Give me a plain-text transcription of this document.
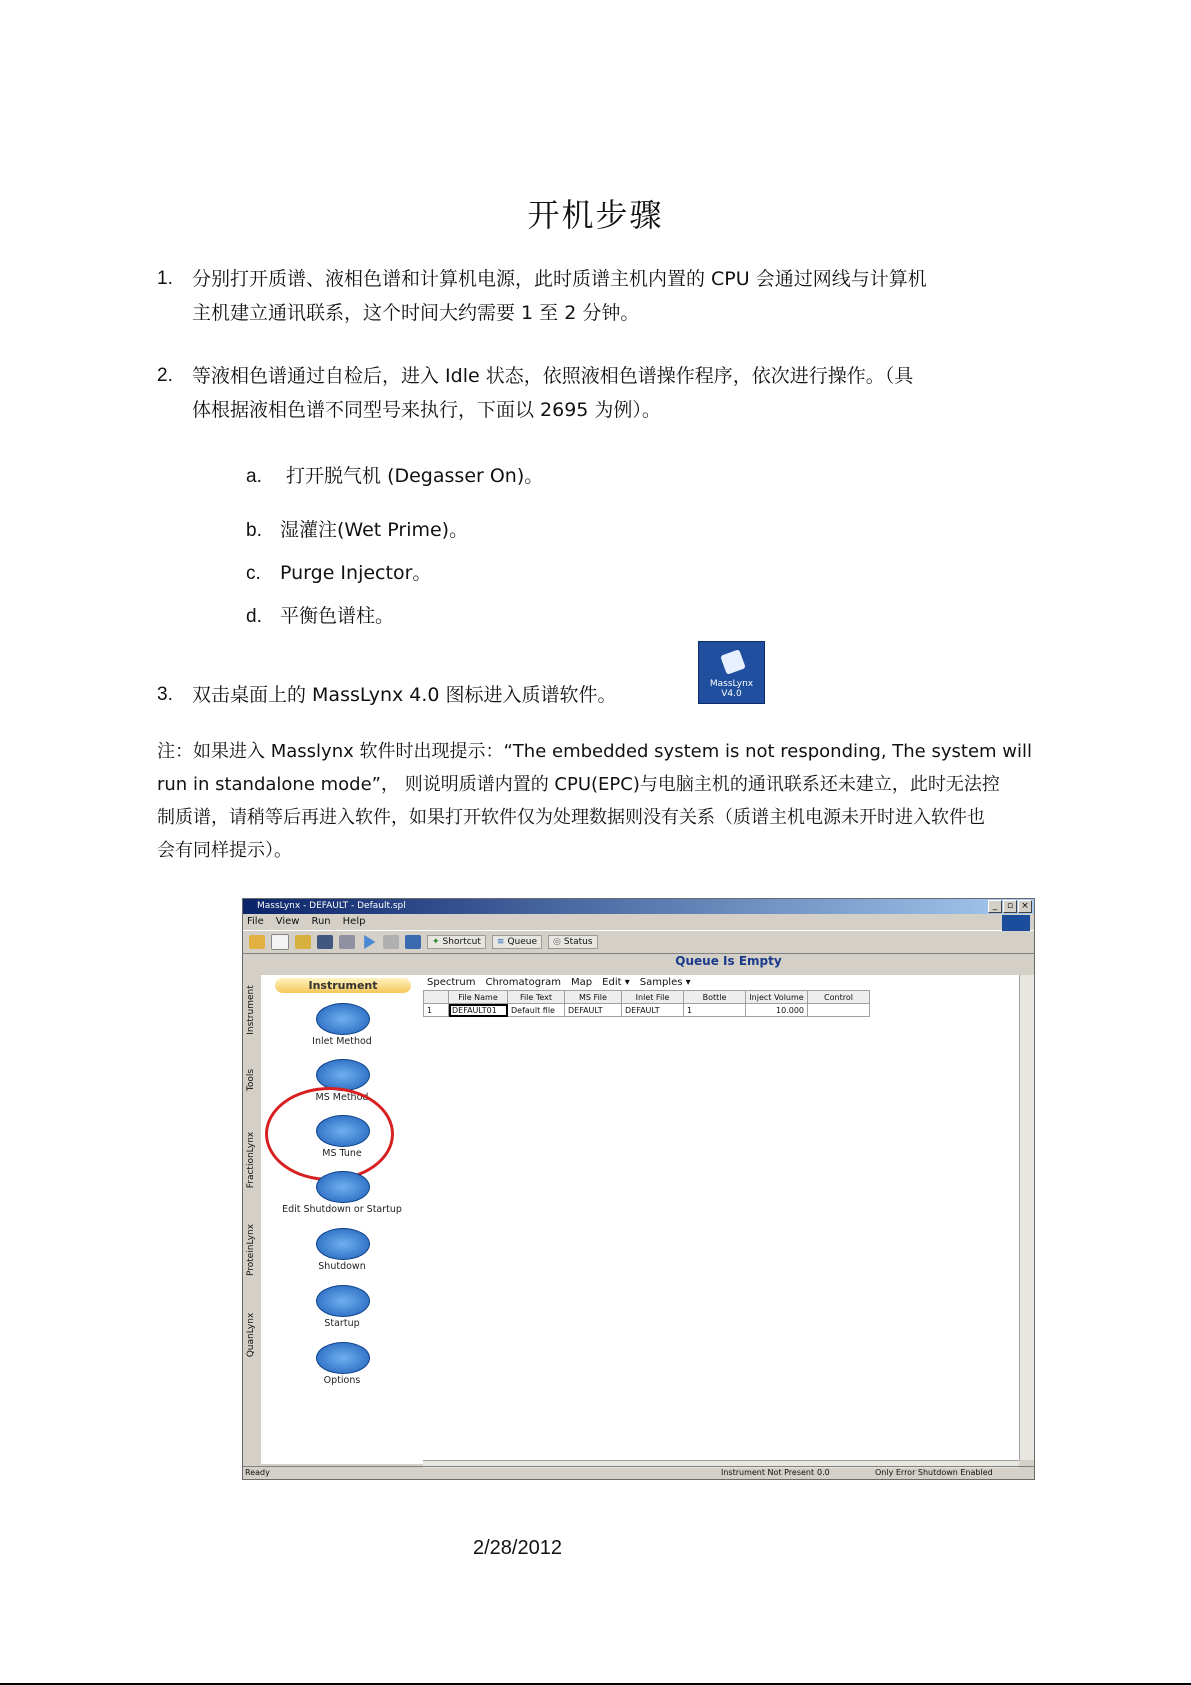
开机步骤
1. 分别打开质谱、液相色谱和计算机电源，此时质谱主机内置的 CPU 会通过网线与计算机
主机建立通讯联系，这个时间大约需要 1 至 2 分钟。
2. 等液相色谱通过自检后，进入 Idle 状态，依照液相色谱操作程序，依次进行操作。（具
体根据液相色谱不同型号来执行，下面以 2695 为例）。
a. 打开脱气机 (Degasser On)。
b. 湿灌注(Wet Prime)。
c. Purge Injector。
d. 平衡色谱柱。
3. 双击桌面上的 MassLynx 4.0 图标进入质谱软件。	MassLynx V4.0
注：如果进入 Masslynx 软件时出现提示：“The embedded system is not responding, The system will
run in standalone mode”， 则说明质谱内置的 CPU(EPC)与电脑主机的通讯联系还未建立，此时无法控
制质谱，请稍等后再进入软件，如果打开软件仅为处理数据则没有关系（质谱主机电源未开时进入软件也
会有同样提示）。
MassLynx - DEFAULT - Default.spl	_	▫ ×
File View Run Help
✦ Shortcut ≡ Queue ◎ Status
Queue Is Empty
Instrument
Tools
FractionLynx
ProteinLynx
QuanLynx
Instrument
Inlet Method
MS Method
MS Tune
Edit Shutdown or Startup
Shutdown
Startup
Options
Spectrum Chromatogram Map Edit ▾ Samples ▾
	File Name	File Text	MS File	Inlet File	Bottle	Inject Volume	Control
1	DEFAULT01	Default file	DEFAULT	DEFAULT	1	10.000	
Ready	Instrument Not Present 0.0	Only Error Shutdown Enabled
2/28/2012
